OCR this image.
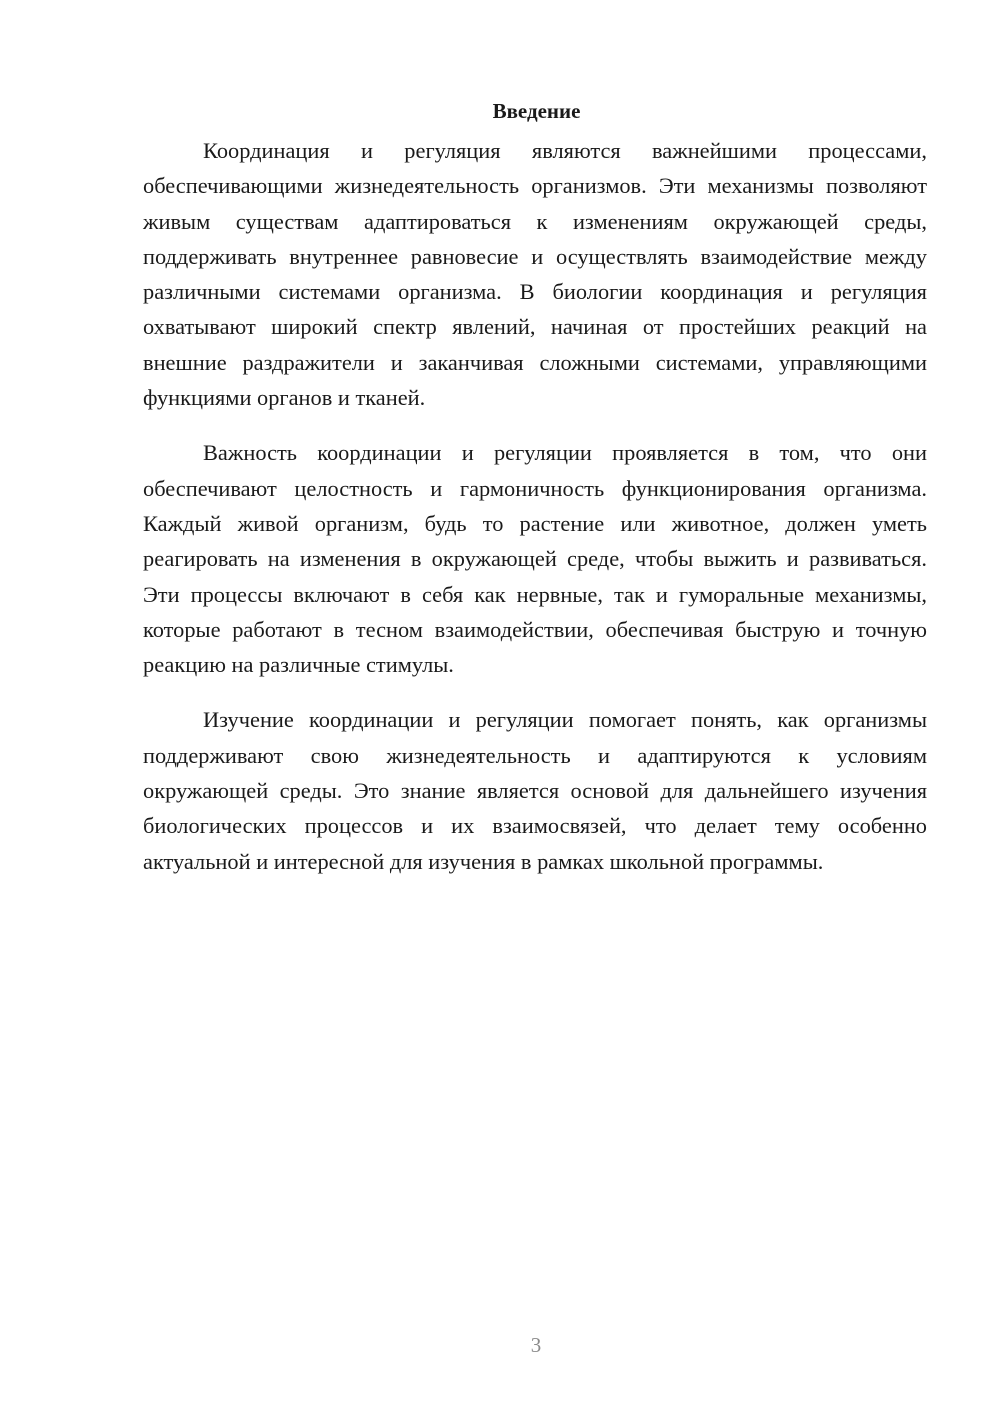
Введение

Координация и регуляция являются важнейшими процессами, обеспечивающими жизнедеятельность организмов. Эти механизмы позволяют живым существам адаптироваться к изменениям окружающей среды, поддерживать внутреннее равновесие и осуществлять взаимодействие между различными системами организма. В биологии координация и регуляция охватывают широкий спектр явлений, начиная от простейших реакций на внешние раздражители и заканчивая сложными системами, управляющими функциями органов и тканей.

Важность координации и регуляции проявляется в том, что они обеспечивают целостность и гармоничность функционирования организма. Каждый живой организм, будь то растение или животное, должен уметь реагировать на изменения в окружающей среде, чтобы выжить и развиваться. Эти процессы включают в себя как нервные, так и гуморальные механизмы, которые работают в тесном взаимодействии, обеспечивая быструю и точную реакцию на различные стимулы.

Изучение координации и регуляции помогает понять, как организмы поддерживают свою жизнедеятельность и адаптируются к условиям окружающей среды. Это знание является основой для дальнейшего изучения биологических процессов и их взаимосвязей, что делает тему особенно актуальной и интересной для изучения в рамках школьной программы.

3
